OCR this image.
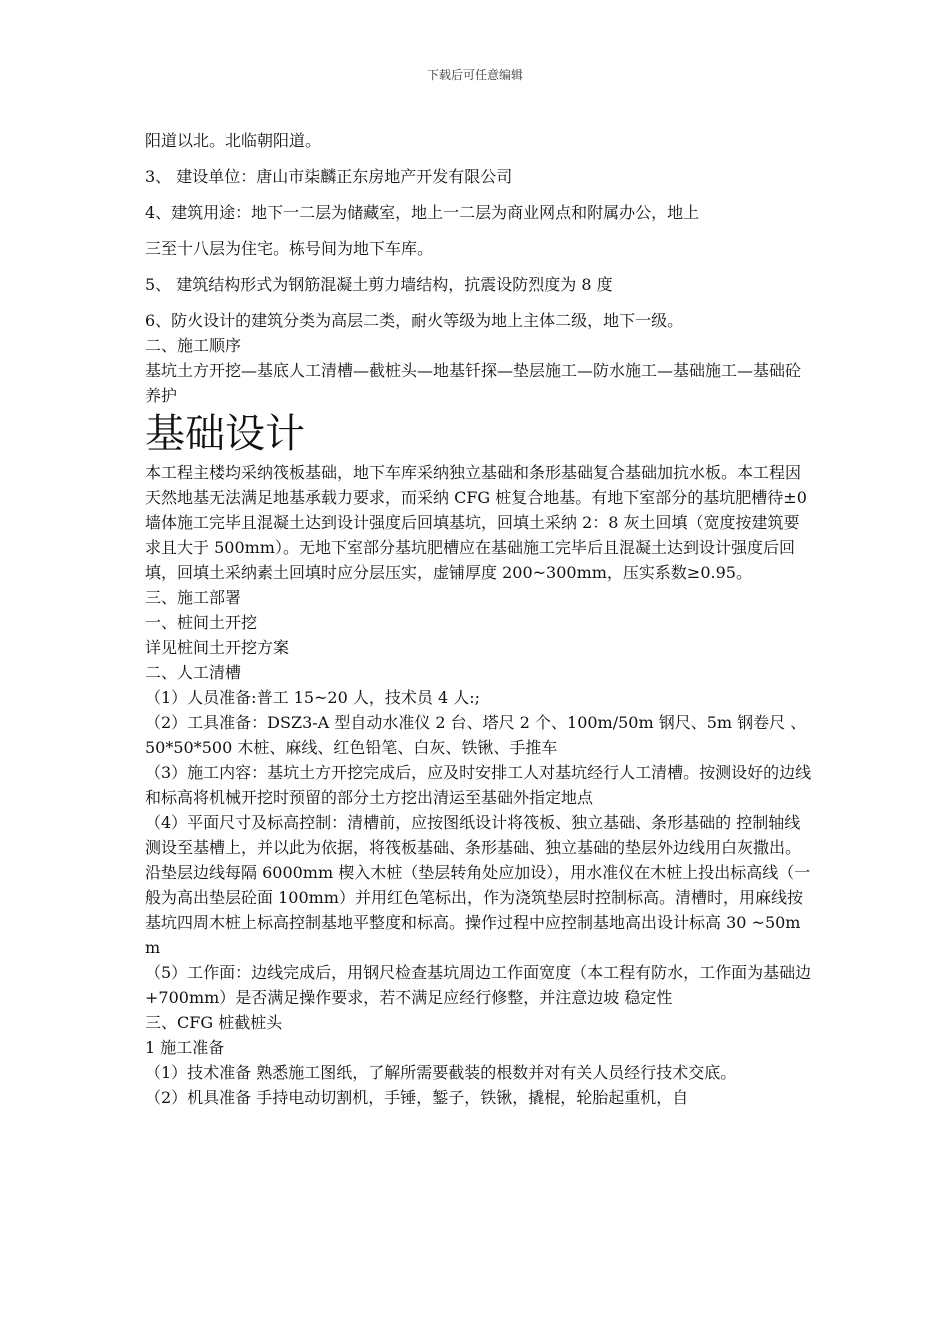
下载后可任意编辑

阳道以北。北临朝阳道。

3、 建设单位：唐山市柒麟正东房地产开发有限公司

4、建筑用途：地下一二层为储藏室，地上一二层为商业网点和附属办公，地上

三至十八层为住宅。栋号间为地下车库。

5、 建筑结构形式为钢筋混凝土剪力墙结构，抗震设防烈度为 8 度

6、防火设计的建筑分类为高层二类，耐火等级为地上主体二级，地下一级。

二、施工顺序

基坑土方开挖—基底人工清槽—截桩头—地基钎探—垫层施工—防水施工—基础施工—基础砼养护

基础设计

本工程主楼均采纳筏板基础，地下车库采纳独立基础和条形基础复合基础加抗水板。本工程因天然地基无法满足地基承载力要求，而采纳 CFG 桩复合地基。有地下室部分的基坑肥槽待±0 墙体施工完毕且混凝土达到设计强度后回填基坑，回填土采纳 2：8 灰土回填（宽度按建筑要求且大于 500mm）。无地下室部分基坑肥槽应在基础施工完毕后且混凝土达到设计强度后回填，回填土采纳素土回填时应分层压实，虚铺厚度 200~300mm，压实系数≥0.95。

三、施工部署

一、桩间土开挖

详见桩间土开挖方案

二、人工清槽

（1）人员准备:普工 15~20 人，技术员 4 人:;

（2）工具准备：DSZ3-A 型自动水准仪 2 台、塔尺 2 个、100m/50m 钢尺、5m 钢卷尺 、50*50*500 木桩、麻线、红色铅笔、白灰、铁锹、手推车

（3）施工内容：基坑土方开挖完成后，应及时安排工人对基坑经行人工清槽。按测设好的边线和标高将机械开挖时预留的部分土方挖出清运至基础外指定地点

（4）平面尺寸及标高控制：清槽前，应按图纸设计将筏板、独立基础、条形基础的 控制轴线测设至基槽上，并以此为依据，将筏板基础、条形基础、独立基础的垫层外边线用白灰撒出。沿垫层边线每隔 6000mm 楔入木桩（垫层转角处应加设），用水准仪在木桩上投出标高线（一般为高出垫层砼面 100mm）并用红色笔标出，作为浇筑垫层时控制标高。清槽时，用麻线按基坑四周木桩上标高控制基地平整度和标高。操作过程中应控制基地高出设计标高 30 ~50mm

（5）工作面：边线完成后，用钢尺检查基坑周边工作面宽度（本工程有防水，工作面为基础边 +700mm）是否满足操作要求，若不满足应经行修整，并注意边坡 稳定性

三、CFG 桩截桩头

1 施工准备

（1）技术准备 熟悉施工图纸，了解所需要截装的根数并对有关人员经行技术交底。

（2）机具准备 手持电动切割机，手锤，錾子，铁锹，撬棍，轮胎起重机，自
